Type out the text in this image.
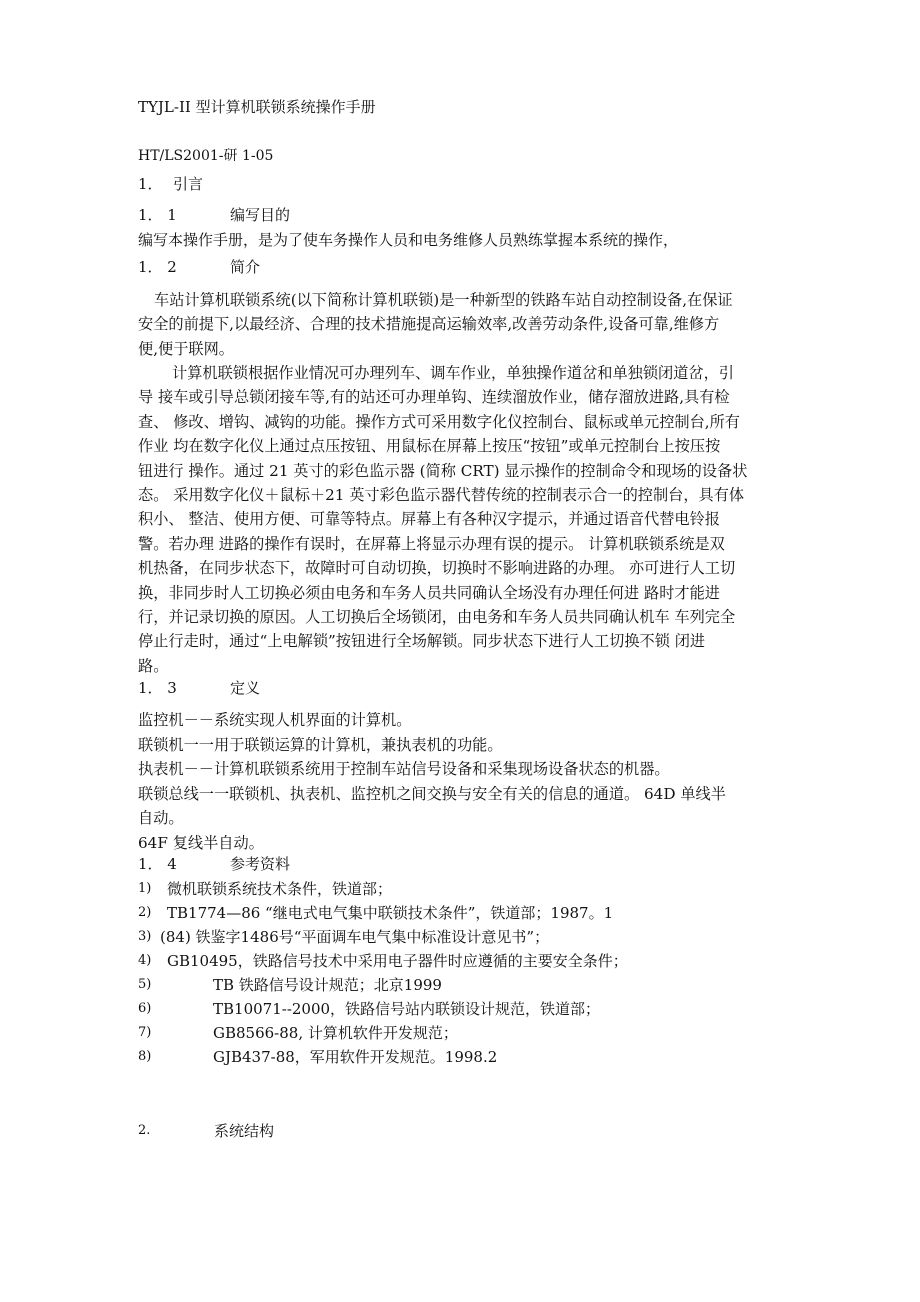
TYJL-II 型计算机联锁系统操作手册

HT/LS2001-研 1-05

1． 引言
1． 1	编写目的

编写本操作手册，是为了使车务操作人员和电务维修人员熟练掌握本系统的操作，

1． 2	简介
车站计算机联锁系统(以下简称计算机联锁)是一种新型的铁路车站自动控制设备,在保证
安全的前提下,以最经济、合理的技术措施提高运输效率,改善劳动条件,设备可靠,维修方
便,便于联网。
计算机联锁根据作业情况可办理列车、调车作业，单独操作道岔和单独锁闭道岔，引
导 接车或引导总锁闭接车等,有的站还可办理单钩、连续溜放作业，储存溜放进路,具有检
查、 修改、增钩、减钩的功能。操作方式可采用数字化仪控制台、鼠标或单元控制台,所有
作业 均在数字化仪上通过点压按钮、用鼠标在屏幕上按压“按钮”或单元控制台上按压按
钮进行 操作。通过 21 英寸的彩色监示器 (简称 CRT) 显示操作的控制命令和现场的设备状
态。 采用数字化仪＋鼠标＋21 英寸彩色监示器代替传统的控制表示合一的控制台，具有体
积小、 整洁、使用方便、可靠等特点。屏幕上有各种汉字提示，并通过语音代替电铃报
警。若办理 进路的操作有误时，在屏幕上将显示办理有误的提示。 计算机联锁系统是双
机热备，在同步状态下，故障时可自动切换，切换时不影响进路的办理。 亦可进行人工切
换，非同步时人工切换必须由电务和车务人员共同确认全场没有办理任何进 路时才能进
行，并记录切换的原因。人工切换后全场锁闭，由电务和车务人员共同确认机车 车列完全
停止行走时，通过“上电解锁”按钮进行全场解锁。同步状态下进行人工切换不锁 闭进
路。
1． 3	定义
监控机－－系统实现人机界面的计算机。
联锁机一一用于联锁运算的计算机，兼执表机的功能。
执表机－－计算机联锁系统用于控制车站信号设备和采集现场设备状态的机器。
联锁总线一一联锁机、执表机、监控机之间交换与安全有关的信息的通道。 64D 单线半
自动。
64F 复线半自动。
1． 4	参考资料
1) 微机联锁系统技术条件，铁道部；
2) TB1774—86 “继电式电气集中联锁技术条件”，铁道部；1987。1
3) (84) 铁鉴字1486号“平面调车电气集中标准设计意见书”；
4) GB10495，铁路信号技术中采用电子器件时应遵循的主要安全条件；
5)	TB 铁路信号设计规范；北京1999
6)	TB10071--2000，铁路信号站内联锁设计规范，铁道部；
7)	GB8566-88, 计算机软件开发规范；
8)	GJB437-88，军用软件开发规范。1998.2
2.	系统结构
